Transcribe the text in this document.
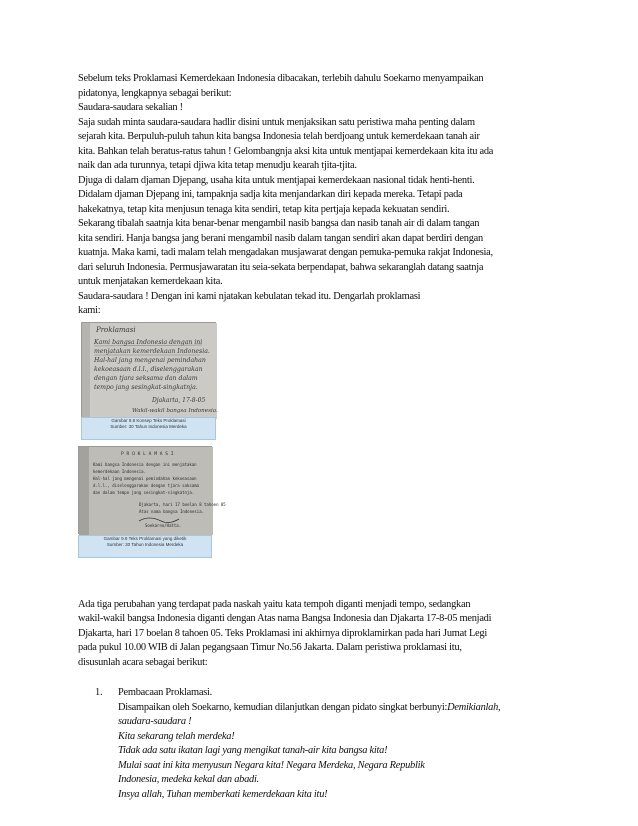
Sebelum teks Proklamasi Kemerdekaan Indonesia dibacakan, terlebih dahulu Soekarno menyampaikan

pidatonya, lengkapnya sebagai berikut:

Saudara-saudara sekalian !

Saja sudah minta saudara-saudara hadlir disini untuk menjaksikan satu peristiwa maha penting dalam

sejarah kita. Berpuluh-puluh tahun kita bangsa Indonesia telah berdjoang untuk kemerdekaan tanah air

kita. Bahkan telah beratus-ratus tahun ! Gelombangnja aksi kita untuk mentjapai kemerdekaan kita itu ada

naik dan ada turunnya, tetapi djiwa kita tetap menudju kearah tjita-tjita.

Djuga di dalam djaman Djepang, usaha kita untuk mentjapai kemerdekaan nasional tidak henti-henti.

Didalam djaman Djepang ini, tampaknja sadja kita menjandarkan diri kepada mereka. Tetapi pada

hakekatnya, tetap kita menjusun tenaga kita sendiri, tetap kita pertjaja kepada kekuatan sendiri.

Sekarang tibalah saatnja kita benar-benar mengambil nasib bangsa dan nasib tanah air di dalam tangan

kita sendiri. Hanja bangsa jang berani mengambil nasib dalam tangan sendiri akan dapat berdiri dengan

kuatnja. Maka kami, tadi malam telah mengadakan musjawarat dengan pemuka-pemuka rakjat Indonesia,

dari seluruh Indonesia. Permusjawaratan itu seia-sekata berpendapat, bahwa sekaranglah datang saatnja

untuk menjatakan kemerdekaan kita.

Saudara-saudara ! Dengan ini kami njatakan kebulatan tekad itu. Dengarlah proklamasi

kami:

Proklamasi
Kami bangsa Indonesia dengan ini
menjatakan kemerdekaan Indonesia.
Hal-hal jang mengenai pemindahan
kekoeasaan d.l.l., diselenggarakan
dengan tjara seksama dan dalam
tempo jang sesingkat-singkatnja.
Djakarta, 17-8-05
Wakil-wakil bangsa Indonesia.
Gambar 9.8 Konsep Teks Proklamasi
Sumber: 30 Tahun Indonesia Merdeka
P R O K L A M A S I
Kami bangsa Indonesia dengan ini menjatakan
kemerdekaan Indonesia.
Hal-hal jang mengenai pemindahan kekoeasaan
d.l.l., diselenggarakan dengan tjara saksama
dan dalam tempo jang sesingkat-singkatnja.
Djakarta, hari 17 boelan 8 tahoen 05
Atas nama bangsa Indonesia.
Soekarno/Hatta.
Gambar 9.9 Teks Proklamasi yang diketik
Sumber: 30 Tahun Indonesia Merdeka

Ada tiga perubahan yang terdapat pada naskah yaitu kata tempoh diganti menjadi tempo, sedangkan

wakil-wakil bangsa Indonesia diganti dengan Atas nama Bangsa Indonesia dan Djakarta 17-8-05 menjadi

Djakarta, hari 17 boelan 8 tahoen 05. Teks Proklamasi ini akhirnya diproklamirkan pada hari Jumat Legi

pada pukul 10.00 WIB di Jalan pegangsaan Timur No.56 Jakarta. Dalam peristiwa proklamasi itu,

disusunlah acara sebagai berikut:

1. Pembacaan Proklamasi.
Disampaikan oleh Soekarno, kemudian dilanjutkan dengan pidato singkat berbunyi:Demikianlah,
saudara-saudara !
Kita sekarang telah merdeka!
Tidak ada satu ikatan lagi yang mengikat tanah-air kita bangsa kita!
Mulai saat ini kita menyusun Negara kita! Negara Merdeka, Negara Republik
Indonesia, medeka kekal dan abadi.
Insya allah, Tuhan memberkati kemerdekaan kita itu!
